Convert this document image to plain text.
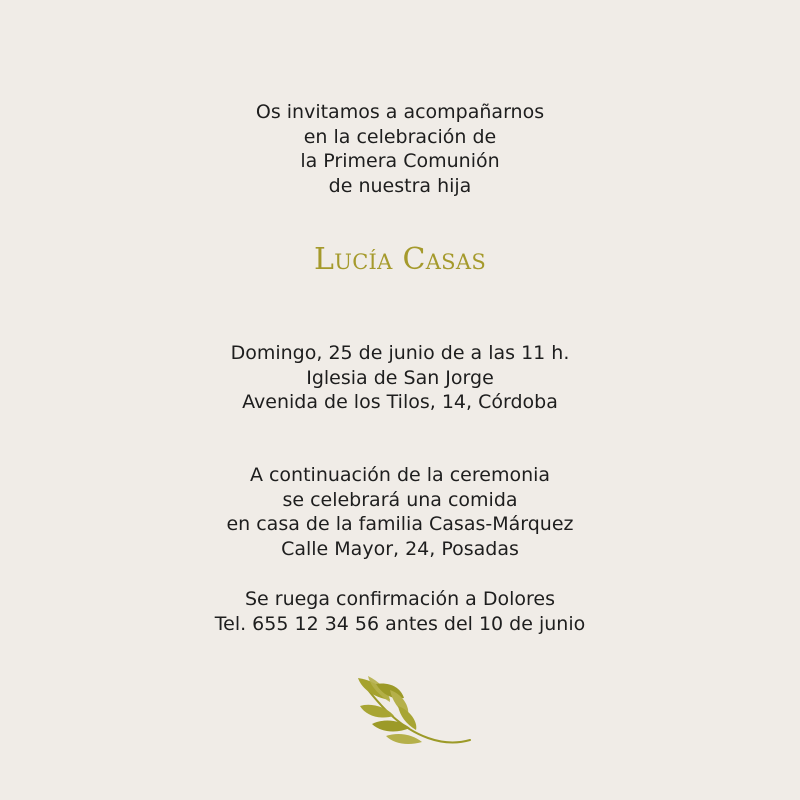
Os invitamos a acompañarnos
en la celebración de
la Primera Comunión
de nuestra hija
Lucía Casas
Domingo, 25 de junio de a las 11 h.
Iglesia de San Jorge
Avenida de los Tilos, 14, Córdoba
A continuación de la ceremonia
se celebrará una comida
en casa de la familia Casas-Márquez
Calle Mayor, 24, Posadas
Se ruega confirmación a Dolores
Tel. 655 12 34 56 antes del 10 de junio
